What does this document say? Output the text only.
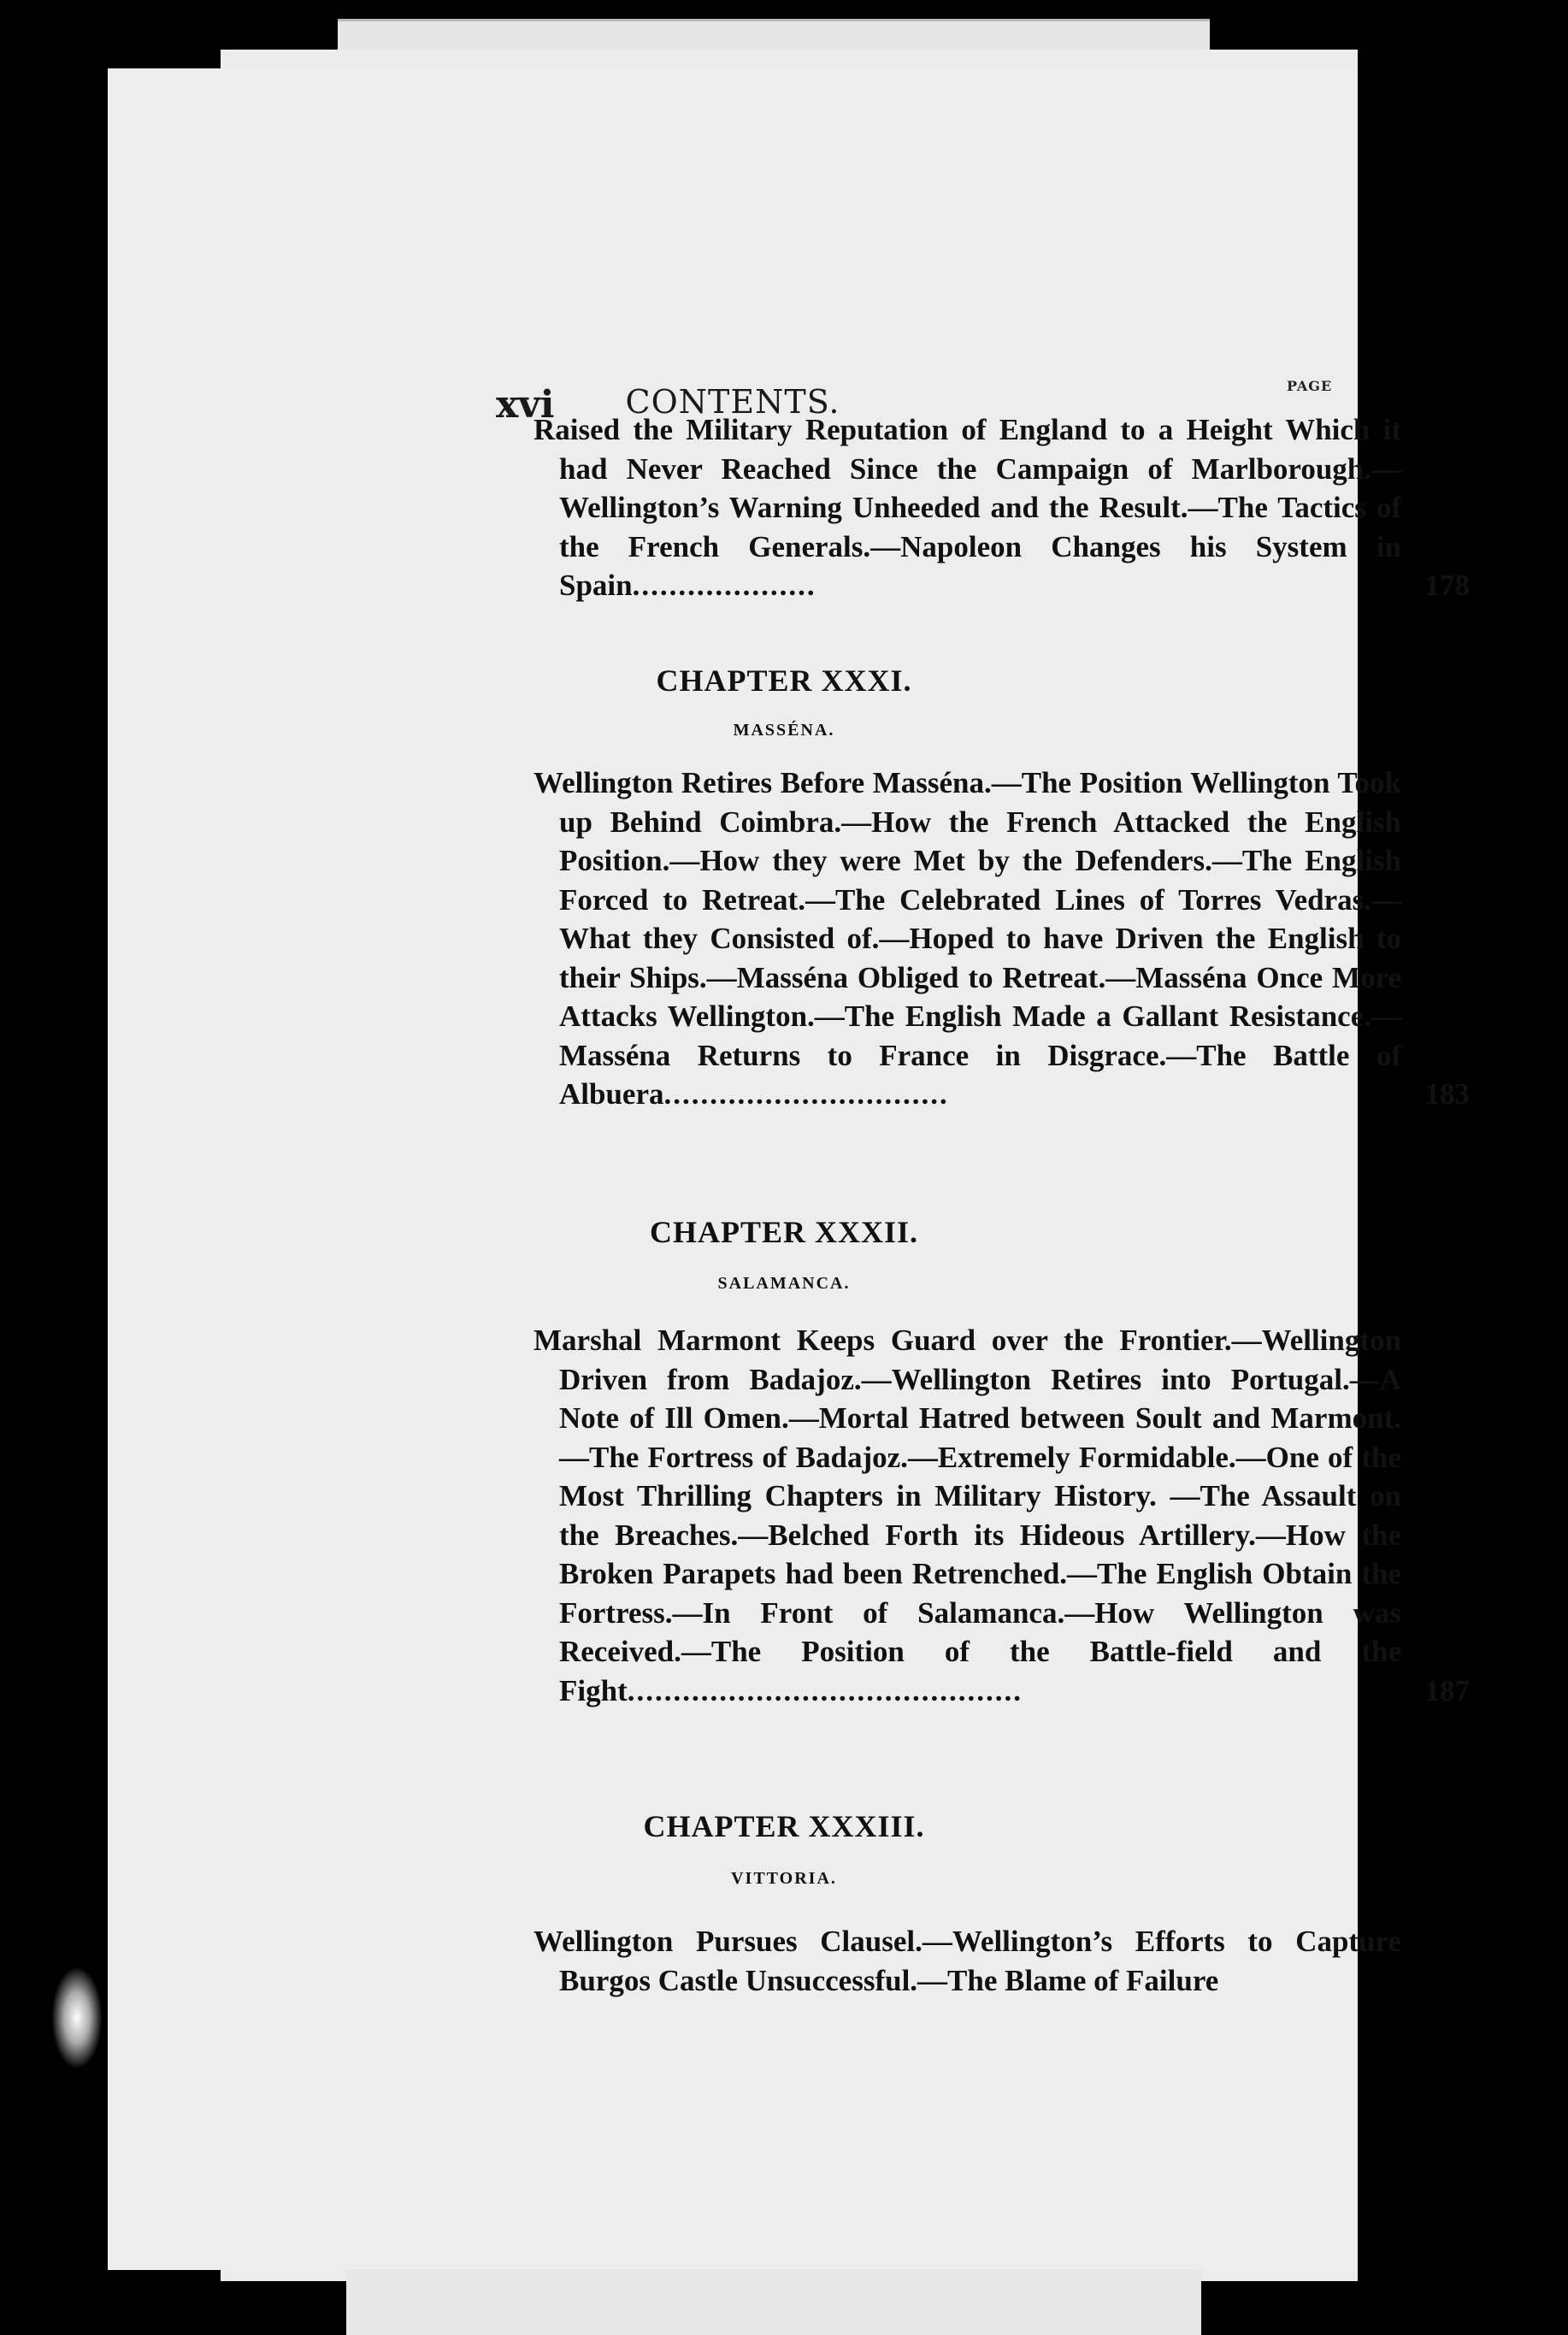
xvi	CONTENTS.	PAGE
Raised the Military Reputation of England to a Height Which it had Never Reached Since the Campaign of Marlborough.—Wellington’s Warning Unheeded and the Result.—The Tactics of the French Generals.—Napoleon Changes his System in Spain....................	178
CHAPTER XXXI.
MASSÉNA.
Wellington Retires Before Masséna.—The Position Wellington Took up Behind Coimbra.—How the French Attacked the English Position.—How they were Met by the Defenders.—The English Forced to Retreat.—The Celebrated Lines of Torres Vedras.—What they Consisted of.—Hoped to have Driven the English to their Ships.—Masséna Obliged to Retreat.—Masséna Once More Attacks Wellington.—The English Made a Gallant Resistance.—Masséna Returns to France in Disgrace.—The Battle of Albuera...............................	183
CHAPTER XXXII.
SALAMANCA.
Marshal Marmont Keeps Guard over the Frontier.—Wellington Driven from Badajoz.—Wellington Retires into Portugal.—A Note of Ill Omen.—Mortal Hatred between Soult and Marmont.—The Fortress of Badajoz.—Extremely Formidable.—One of the Most Thrilling Chapters in Military History. —The Assault on the Breaches.—Belched Forth its Hideous Artillery.—How the Broken Parapets had been Retrenched.—The English Obtain the Fortress.—In Front of Salamanca.—How Wellington was Received.—The Position of the Battle-field and the Fight...........................................	187
CHAPTER XXXIII.
VITTORIA.
Wellington Pursues Clausel.—Wellington’s Efforts to Capture Burgos Castle Unsuccessful.—The Blame of Failure
